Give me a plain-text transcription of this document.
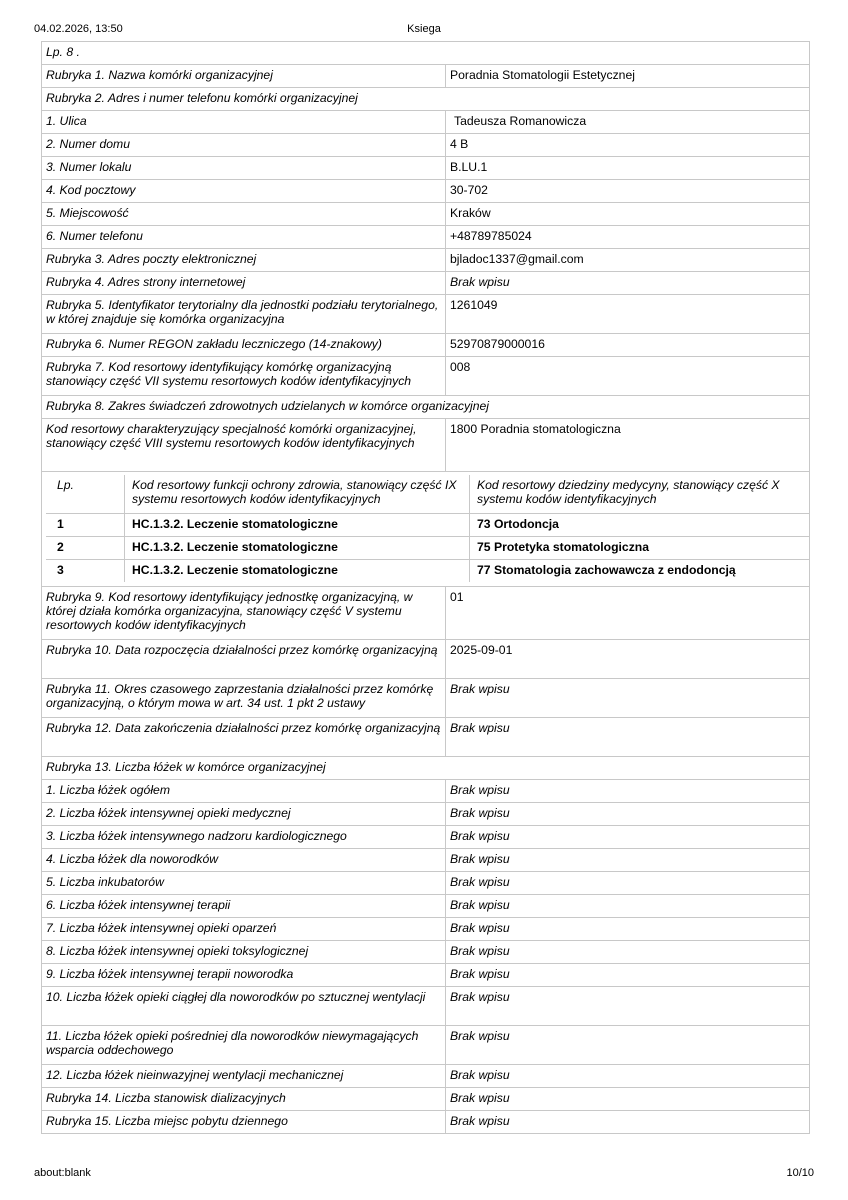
04.02.2026, 13:50	Ksiega
Lp. 8 .
Rubryka 1. Nazwa komórki organizacyjnej	Poradnia Stomatologii Estetycznej
Rubryka 2. Adres i numer telefonu komórki organizacyjnej
1. Ulica	Tadeusza Romanowicza
2. Numer domu	4 B
3. Numer lokalu	B.LU.1
4. Kod pocztowy	30-702
5. Miejscowość	Kraków
6. Numer telefonu	+48789785024
Rubryka 3. Adres poczty elektronicznej	bjladoc1337@gmail.com
Rubryka 4. Adres strony internetowej	Brak wpisu
Rubryka 5. Identyfikator terytorialny dla jednostki podziału terytorialnego, w której znajduje się komórka organizacyjna	1261049
Rubryka 6. Numer REGON zakładu leczniczego (14-znakowy)	52970879000016
Rubryka 7. Kod resortowy identyfikujący komórkę organizacyjną stanowiący część VII systemu resortowych kodów identyfikacyjnych	008
Rubryka 8. Zakres świadczeń zdrowotnych udzielanych w komórce organizacyjnej
Kod resortowy charakteryzujący specjalność komórki organizacyjnej, stanowiący część VIII systemu resortowych kodów identyfikacyjnych	1800 Poradnia stomatologiczna

Lp.	Kod resortowy funkcji ochrony zdrowia, stanowiący część IX systemu resortowych kodów identyfikacyjnych	Kod resortowy dziedziny medycyny, stanowiący część X systemu kodów identyfikacyjnych
1	HC.1.3.2. Leczenie stomatologiczne	73 Ortodoncja
2	HC.1.3.2. Leczenie stomatologiczne	75 Protetyka stomatologiczna
3	HC.1.3.2. Leczenie stomatologiczne	77 Stomatologia zachowawcza z endodoncją

Rubryka 9. Kod resortowy identyfikujący jednostkę organizacyjną, w której działa komórka organizacyjna, stanowiący część V systemu resortowych kodów identyfikacyjnych	01
Rubryka 10. Data rozpoczęcia działalności przez komórkę organizacyjną	2025-09-01
Rubryka 11. Okres czasowego zaprzestania działalności przez komórkę organizacyjną, o którym mowa w art. 34 ust. 1 pkt 2 ustawy	Brak wpisu
Rubryka 12. Data zakończenia działalności przez komórkę organizacyjną	Brak wpisu
Rubryka 13. Liczba łóżek w komórce organizacyjnej
1. Liczba łóżek ogółem	Brak wpisu
2. Liczba łóżek intensywnej opieki medycznej	Brak wpisu
3. Liczba łóżek intensywnego nadzoru kardiologicznego	Brak wpisu
4. Liczba łóżek dla noworodków	Brak wpisu
5. Liczba inkubatorów	Brak wpisu
6. Liczba łóżek intensywnej terapii	Brak wpisu
7. Liczba łóżek intensywnej opieki oparzeń	Brak wpisu
8. Liczba łóżek intensywnej opieki toksylogicznej	Brak wpisu
9. Liczba łóżek intensywnej terapii noworodka	Brak wpisu
10. Liczba łóżek opieki ciągłej dla noworodków po sztucznej wentylacji	Brak wpisu
11. Liczba łóżek opieki pośredniej dla noworodków niewymagających wsparcia oddechowego	Brak wpisu
12. Liczba łóżek nieinwazyjnej wentylacji mechanicznej	Brak wpisu
Rubryka 14. Liczba stanowisk dializacyjnych	Brak wpisu
Rubryka 15. Liczba miejsc pobytu dziennego	Brak wpisu
about:blank	10/10
